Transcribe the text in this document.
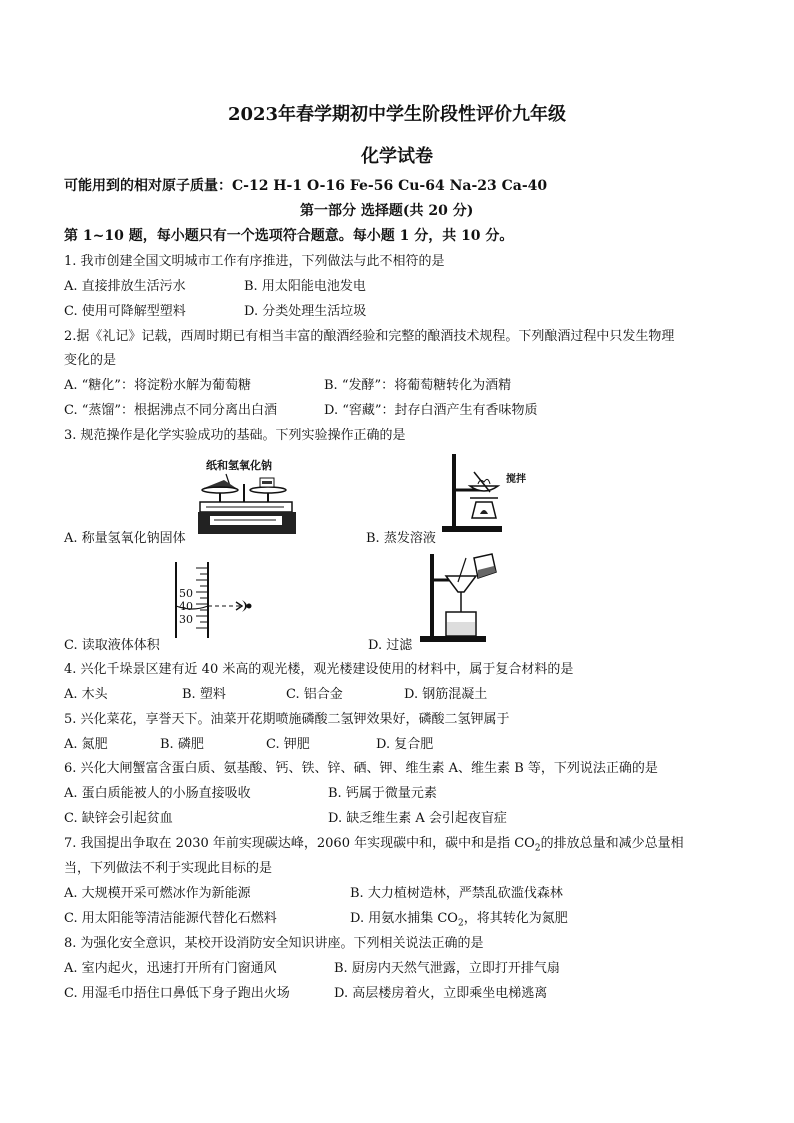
2023年春学期初中学生阶段性评价九年级
化学试卷
可能用到的相对原子质量：C-12 H-1 O-16 Fe-56 Cu-64 Na-23 Ca-40
第一部分 选择题(共 20 分)
第 1~10 题，每小题只有一个选项符合题意。每小题 1 分，共 10 分。
1. 我市创建全国文明城市工作有序推进，下列做法与此不相符的是
A. 直接排放生活污水	B. 用太阳能电池发电
C. 使用可降解型塑料	D. 分类处理生活垃圾
2.据《礼记》记载，西周时期已有相当丰富的酿酒经验和完整的酿酒技术规程。下列酿酒过程中只发生物理
变化的是
A. “糖化”：将淀粉水解为葡萄糖	B. “发酵”：将葡萄糖转化为酒精
C. “蒸馏”：根据沸点不同分离出白酒	D. “窖藏”：封存白酒产生有香味物质
3. 规范操作是化学实验成功的基础。下列实验操作正确的是
纸和氢氧化钠
A. 称量氢氧化钠固体
搅拌
B. 蒸发溶液
50
40
30
C. 读取液体体积	D. 过滤
4. 兴化千垛景区建有近 40 米高的观光楼，观光楼建设使用的材料中，属于复合材料的是
A. 木头	B. 塑料	C. 铝合金	D. 钢筋混凝土
5. 兴化菜花，享誉天下。油菜开花期喷施磷酸二氢钾效果好，磷酸二氢钾属于
A. 氮肥	B. 磷肥	C. 钾肥	D. 复合肥
6. 兴化大闸蟹富含蛋白质、氨基酸、钙、铁、锌、硒、钾、维生素 A、维生素 B 等，下列说法正确的是
A. 蛋白质能被人的小肠直接吸收	B. 钙属于微量元素
C. 缺锌会引起贫血	D. 缺乏维生素 A 会引起夜盲症
7. 我国提出争取在 2030 年前实现碳达峰，2060 年实现碳中和，碳中和是指 $CO_2$的排放总量和减少总量相
当，下列做法不利于实现此目标的是
A. 大规模开采可燃冰作为新能源	B. 大力植树造林，严禁乱砍滥伐森林
C. 用太阳能等清洁能源代替化石燃料	D. 用氨水捕集 $CO_2$，将其转化为氮肥
8. 为强化安全意识，某校开设消防安全知识讲座。下列相关说法正确的是
A. 室内起火，迅速打开所有门窗通风	B. 厨房内天然气泄露，立即打开排气扇
C. 用湿毛巾捂住口鼻低下身子跑出火场	D. 高层楼房着火，立即乘坐电梯逃离
